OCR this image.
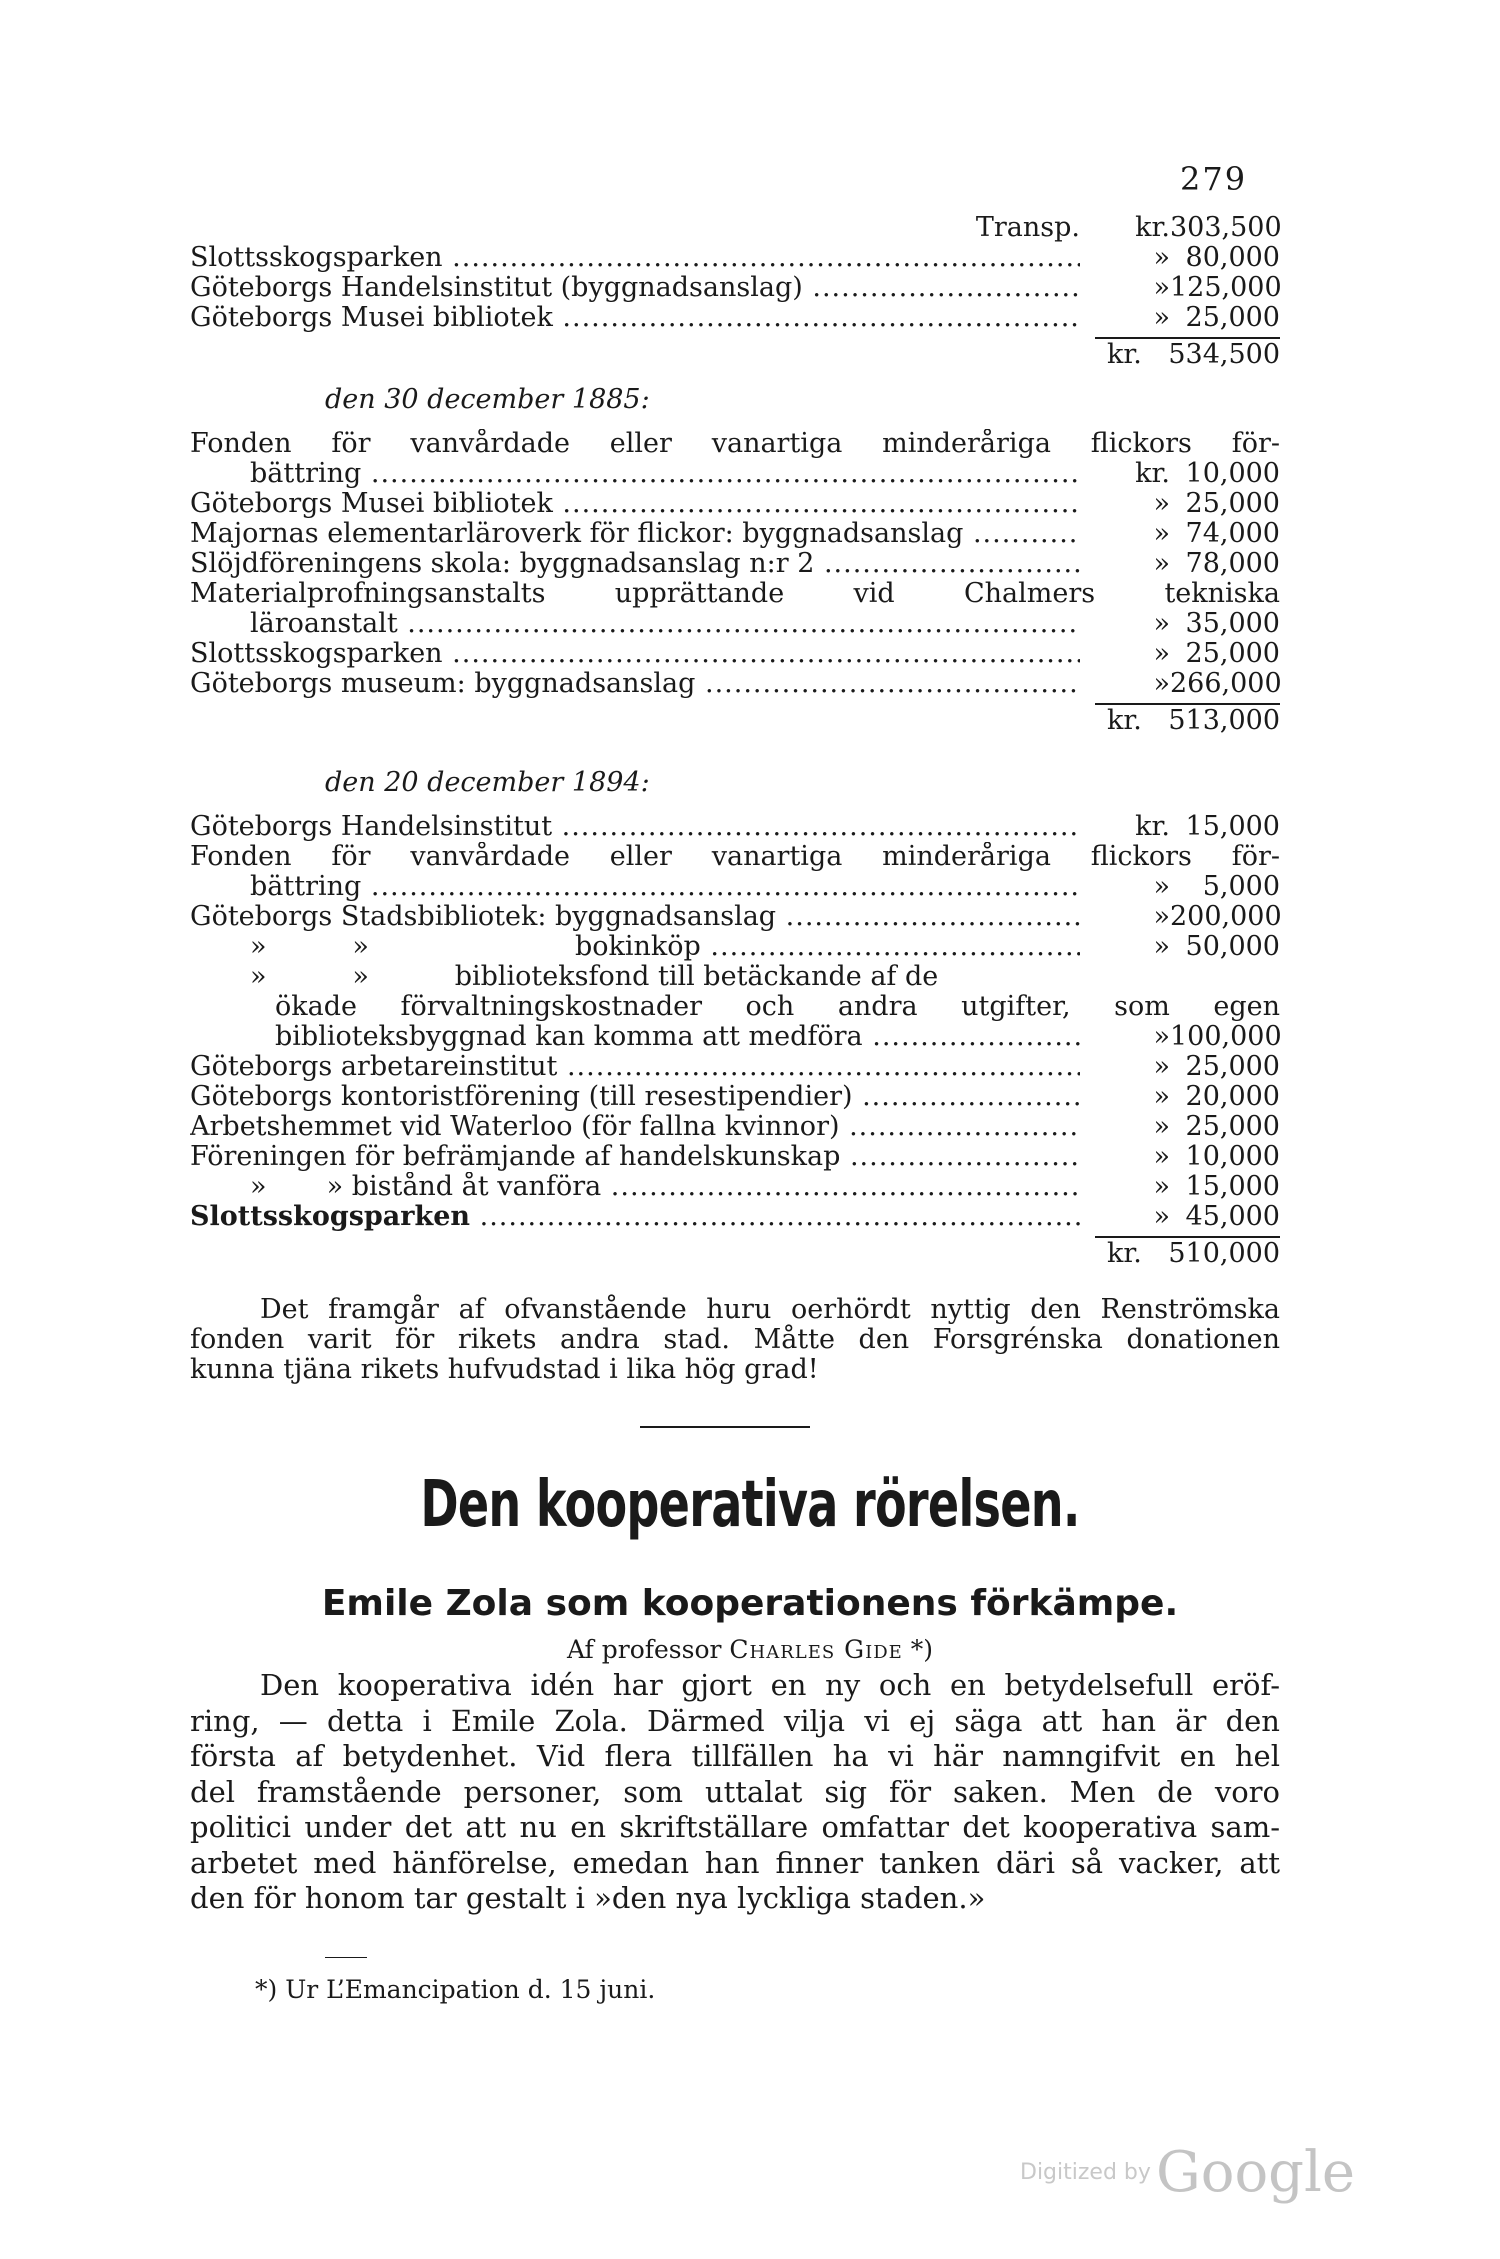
279
Transp.	kr. 303,500
Slottsskogsparken .....	» 80,000
Göteborgs Handelsinstitut (byggnadsanslag) .....	» 125,000
Göteborgs Musei bibliotek .....	» 25,000
kr. 534,500
den 30 december 1885:
Fonden för vanvårdade eller vanartiga minderåriga flickors för-
bättring .....	kr. 10,000
Göteborgs Musei bibliotek .....	» 25,000
Majornas elementarläroverk för flickor: byggnadsanslag .....	» 74,000
Slöjdföreningens skola: byggnadsanslag n:r 2 .....	» 78,000
Materialprofningsanstalts upprättande vid Chalmers tekniska
läroanstalt .....	» 35,000
Slottsskogsparken .....	» 25,000
Göteborgs museum: byggnadsanslag .....	» 266,000
kr. 513,000
den 20 december 1894:
Göteborgs Handelsinstitut .....	kr. 15,000
Fonden för vanvårdade eller vanartiga minderåriga flickors för-
bättring .....	»	5,000
Göteborgs Stadsbibliotek: byggnadsanslag .....	» 200,000
»          »	bokinköp .....	» 50,000
»          »          biblioteksfond till betäckande af de
ökade förvaltningskostnader och andra utgifter, som egen
biblioteksbyggnad kan komma att medföra .....	» 100,000
Göteborgs arbetareinstitut .....	» 25,000
Göteborgs kontoristförening (till resestipendier) .....	» 20,000
Arbetshemmet vid Waterloo (för fallna kvinnor) .....	» 25,000
Föreningen för befrämjande af handelskunskap .....	» 10,000
»       » bistånd åt vanföra .....	» 15,000
Slottsskogsparken .....	» 45,000
kr. 510,000
Det framgår af ofvanstående huru oerhördt nyttig den Renströmska
fonden varit för rikets andra stad. Måtte den Forsgrénska donationen
kunna tjäna rikets hufvudstad i lika hög grad!
Den kooperativa rörelsen.
Emile Zola som kooperationens förkämpe.
Af professor Charles Gide *)
Den kooperativa idén har gjort en ny och en betydelsefull eröf-
ring, — detta i Emile Zola. Därmed vilja vi ej säga att han är den
första af betydenhet. Vid flera tillfällen ha vi här namngifvit en hel
del framstående personer, som uttalat sig för saken. Men de voro
politici under det att nu en skriftställare omfattar det kooperativa sam-
arbetet med hänförelse, emedan han finner tanken däri så vacker, att
den för honom tar gestalt i »den nya lyckliga staden.»
*) Ur L’Emancipation d. 15 juni.
Digitized by Google
